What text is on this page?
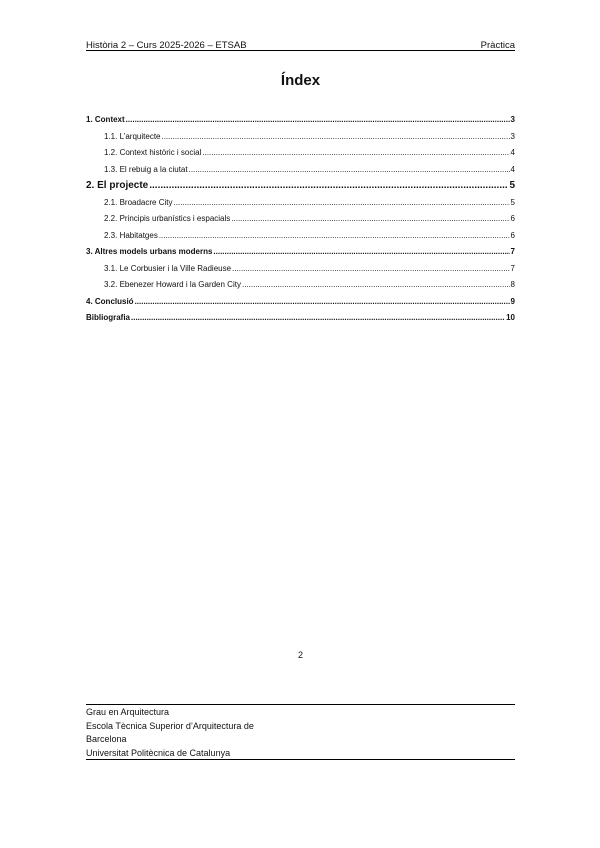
Història 2 – Curs 2025-2026 – ETSAB	Pràctica
Índex
1. Context .....	3
1.1. L’arquitecte .....	3
1.2. Context històric i social .....	4
1.3. El rebuig a la ciutat .....	4
2. El projecte .....	5
2.1. Broadacre City .....	5
2.2. Principis urbanístics i espacials .....	6
2.3. Habitatges .....	6
3. Altres models urbans moderns .....	7
3.1. Le Corbusier i la Ville Radieuse .....	7
3.2. Ebenezer Howard i la Garden City .....	8
4. Conclusió .....	9
Bibliografia .....	10
2
Grau en Arquitectura
Escola Tècnica Superior d’Arquitectura de
Barcelona
Universitat Politècnica de Catalunya
